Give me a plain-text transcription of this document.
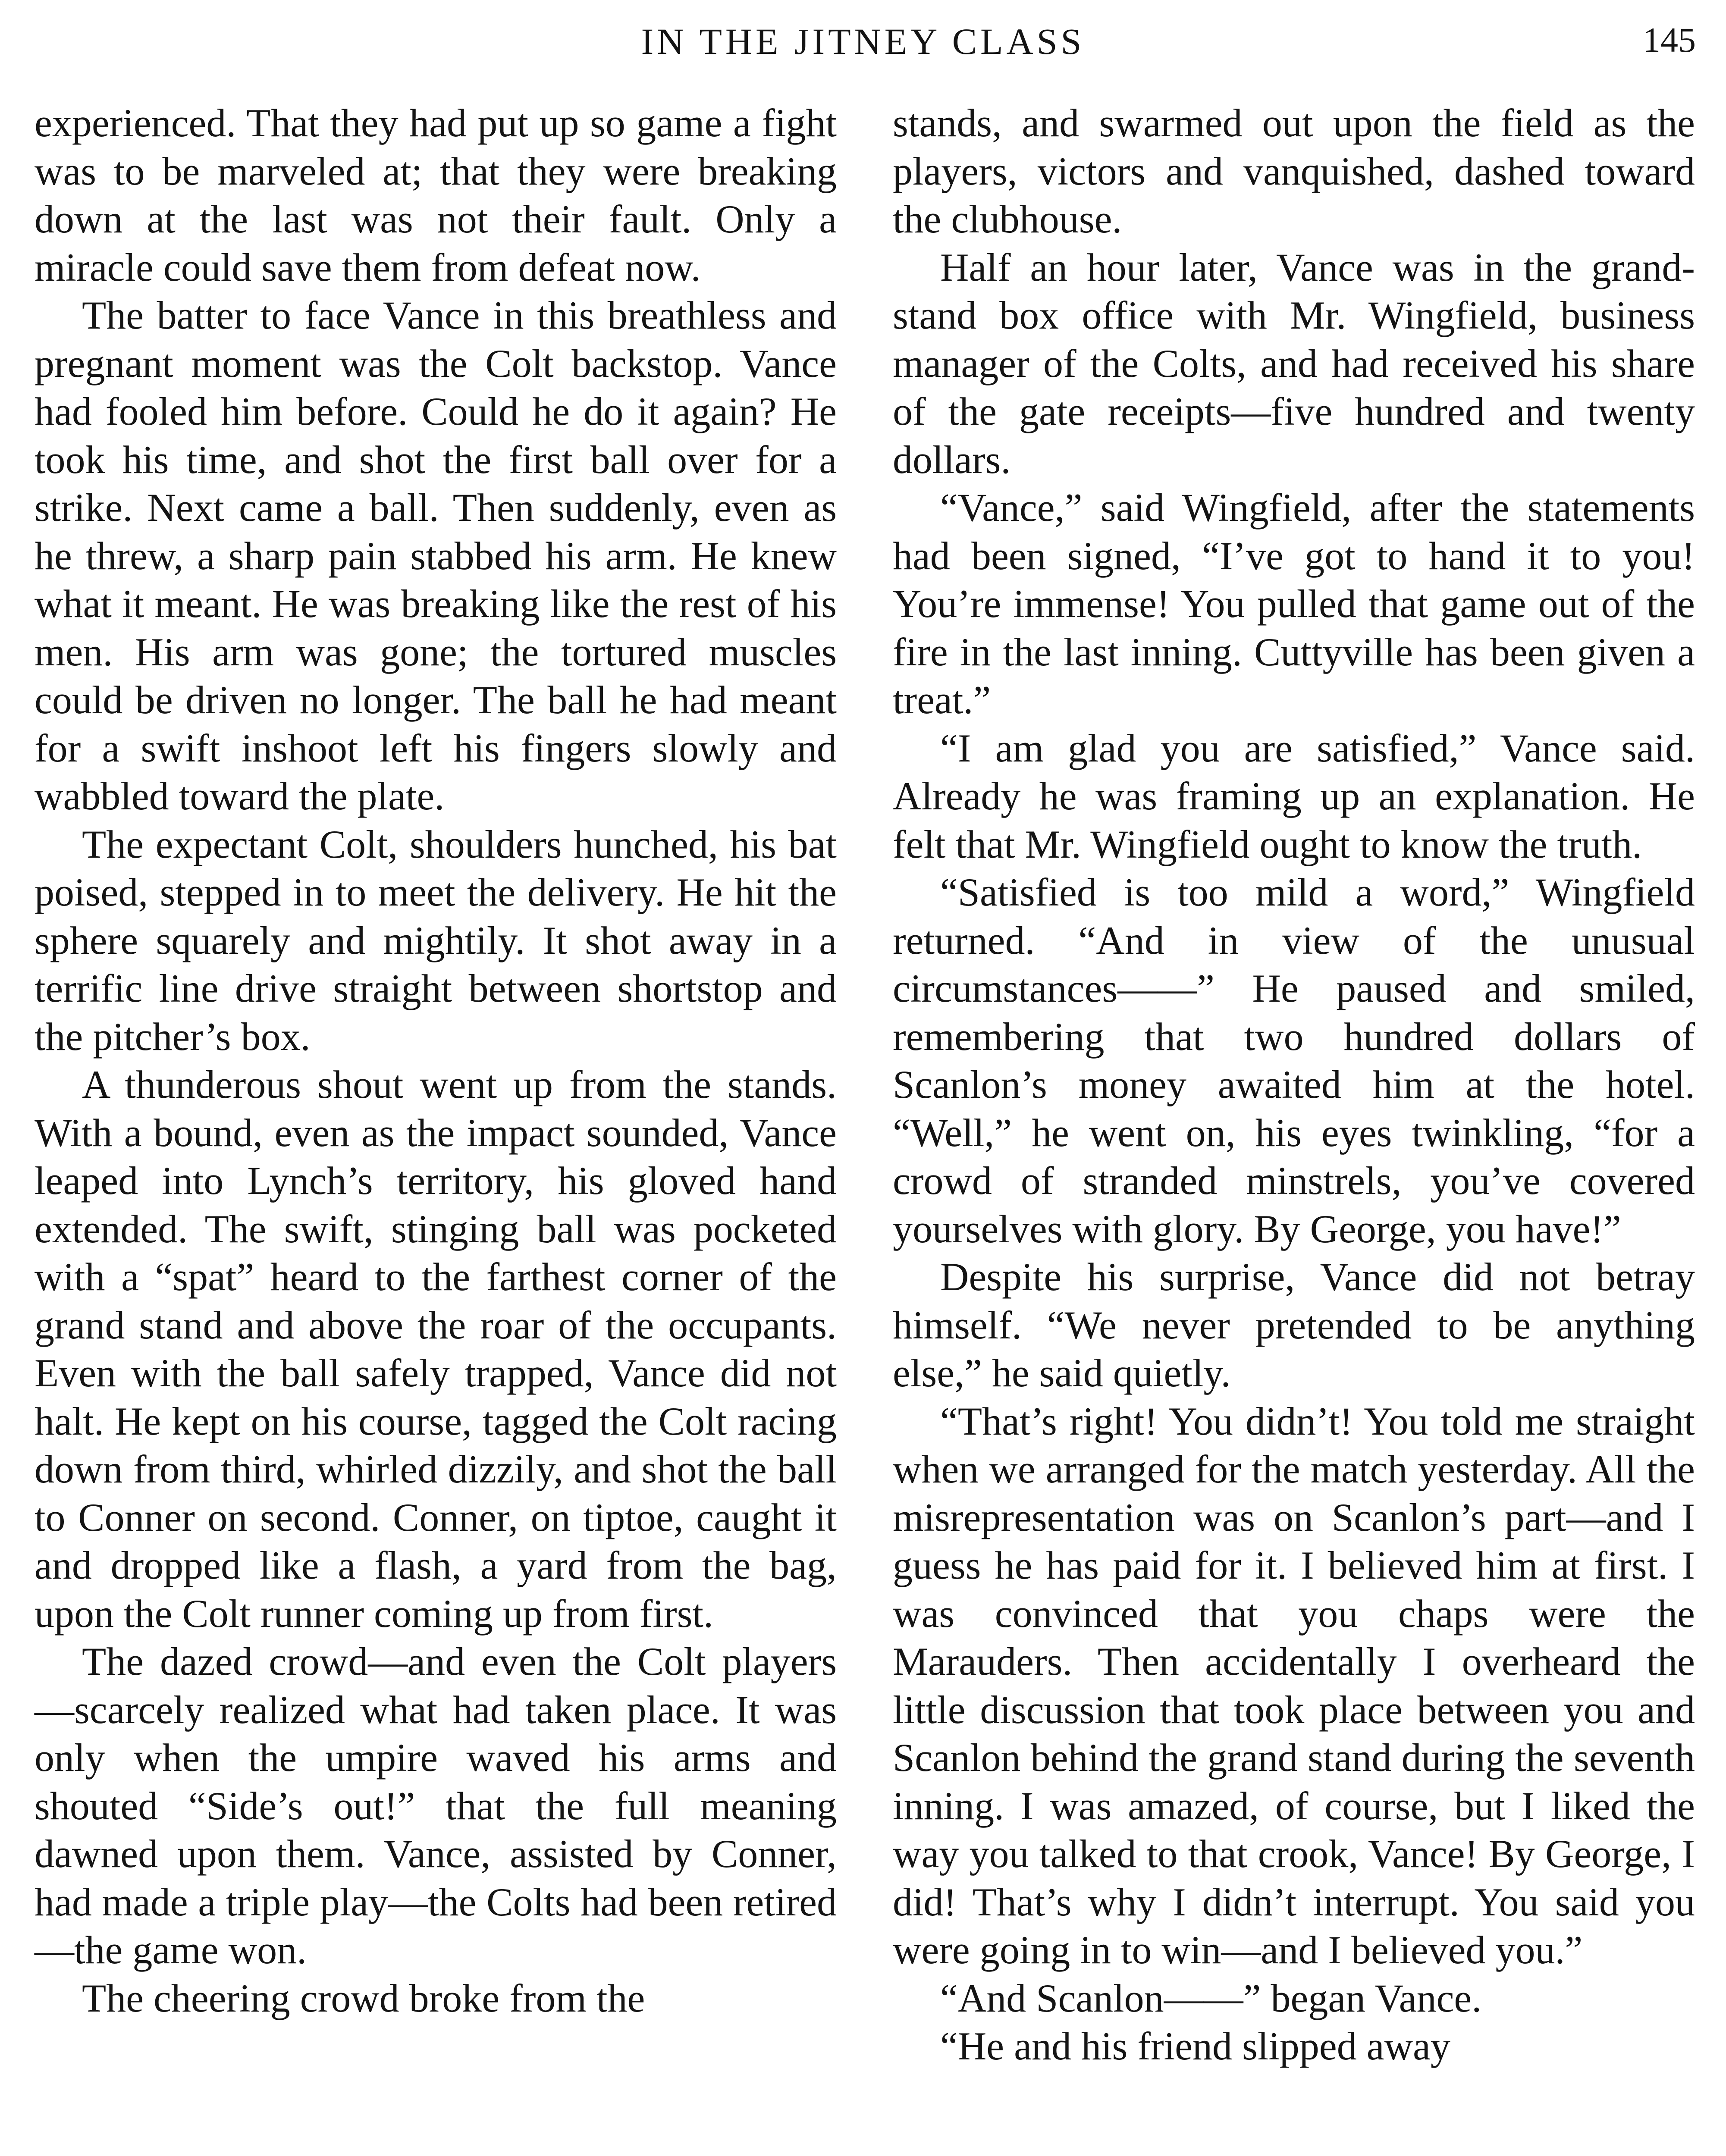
IN THE JITNEY CLASS	145

experienced. That they had put up so game a fight was to be marveled at; that they were breaking down at the last was not their fault. Only a miracle could save them from defeat now.

The batter to face Vance in this breathless and pregnant moment was the Colt backstop. Vance had fooled him before. Could he do it again? He took his time, and shot the first ball over for a strike. Next came a ball. Then suddenly, even as he threw, a sharp pain stabbed his arm. He knew what it meant. He was breaking like the rest of his men. His arm was gone; the tortured muscles could be driven no longer. The ball he had meant for a swift inshoot left his fingers slowly and wabbled toward the plate.

The expectant Colt, shoulders hunched, his bat poised, stepped in to meet the delivery. He hit the sphere squarely and mightily. It shot away in a terrific line drive straight between shortstop and the pitcher’s box.

A thunderous shout went up from the stands. With a bound, even as the impact sounded, Vance leaped into Lynch’s territory, his gloved hand extended. The swift, stinging ball was pocketed with a “spat” heard to the farthest corner of the grand stand and above the roar of the occupants. Even with the ball safely trapped, Vance did not halt. He kept on his course, tagged the Colt racing down from third, whirled dizzily, and shot the ball to Conner on second. Conner, on tiptoe, caught it and dropped like a flash, a yard from the bag, upon the Colt runner coming up from first.

The dazed crowd—and even the Colt players—scarcely realized what had taken place. It was only when the umpire waved his arms and shouted “Side’s out!” that the full meaning dawned upon them. Vance, assisted by Conner, had made a triple play—the Colts had been retired—the game won.

The cheering crowd broke from the

stands, and swarmed out upon the field as the players, victors and vanquished, dashed toward the clubhouse.

Half an hour later, Vance was in the grand-stand box office with Mr. Wingfield, business manager of the Colts, and had received his share of the gate receipts—five hundred and twenty dollars.

“Vance,” said Wingfield, after the statements had been signed, “I’ve got to hand it to you! You’re immense! You pulled that game out of the fire in the last inning. Cuttyville has been given a treat.”

“I am glad you are satisfied,” Vance said. Already he was framing up an explanation. He felt that Mr. Wingfield ought to know the truth.

“Satisfied is too mild a word,” Wingfield returned. “And in view of the unusual circumstances——” He paused and smiled, remembering that two hundred dollars of Scanlon’s money awaited him at the hotel. “Well,” he went on, his eyes twinkling, “for a crowd of stranded minstrels, you’ve covered yourselves with glory. By George, you have!”

Despite his surprise, Vance did not betray himself. “We never pretended to be anything else,” he said quietly.

“That’s right! You didn’t! You told me straight when we arranged for the match yesterday. All the misrepresentation was on Scanlon’s part—and I guess he has paid for it. I believed him at first. I was convinced that you chaps were the Marauders. Then accidentally I overheard the little discussion that took place between you and Scanlon behind the grand stand during the seventh inning. I was amazed, of course, but I liked the way you talked to that crook, Vance! By George, I did! That’s why I didn’t interrupt. You said you were going in to win—and I believed you.”

“And Scanlon——” began Vance.

“He and his friend slipped away
